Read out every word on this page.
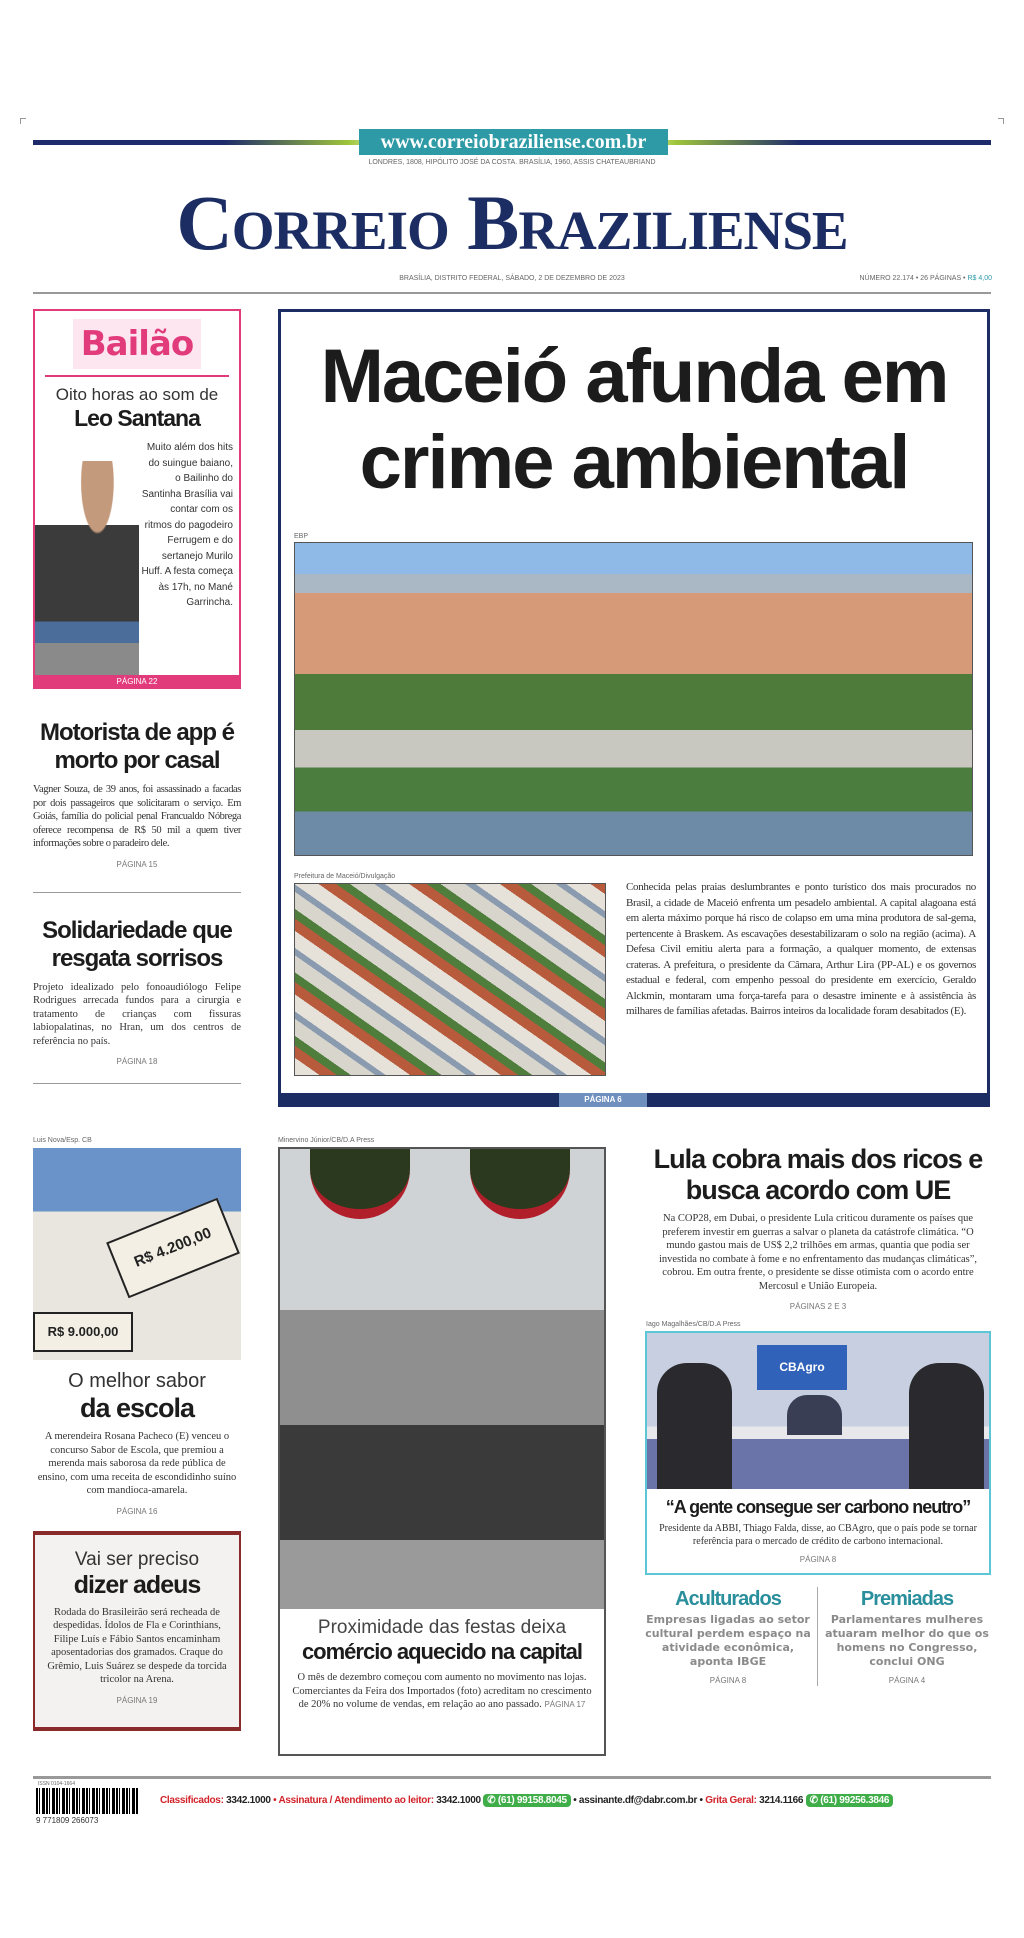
www.correiobraziliense.com.br
LONDRES, 1808, HIPÓLITO JOSÉ DA COSTA. BRASÍLIA, 1960, ASSIS CHATEAUBRIAND
Correio Braziliense
BRASÍLIA, DISTRITO FEDERAL, SÁBADO, 2 DE DEZEMBRO DE 2023	NÚMERO 22.174 • 26 PÁGINAS • R$ 4,00
Bailão
Oito horas ao som de
Leo Santana
Muito além dos hits do suingue baiano, o Bailinho do Santinha Brasília vai contar com os ritmos do pagodeiro Ferrugem e do sertanejo Murilo Huff. A festa começa às 17h, no Mané Garrincha.
PÁGINA 22
Motorista de app é morto por casal
Vagner Souza, de 39 anos, foi assassinado a facadas por dois passageiros que solicitaram o serviço. Em Goiás, família do policial penal Francualdo Nóbrega oferece recompensa de R$ 50 mil a quem tiver informações sobre o paradeiro dele.
PÁGINA 15
Solidariedade que resgata sorrisos
Projeto idealizado pelo fonoaudiólogo Felipe Rodrigues arrecada fundos para a cirurgia e tratamento de crianças com fissuras labiopalatinas, no Hran, um dos centros de referência no país.
PÁGINA 18
Maceió afunda em
crime ambiental
EBP
Prefeitura de Maceió/Divulgação
Conhecida pelas praias deslumbrantes e ponto turístico dos mais procurados no Brasil, a cidade de Maceió enfrenta um pesadelo ambiental. A capital alagoana está em alerta máximo porque há risco de colapso em uma mina produtora de sal-gema, pertencente à Braskem. As escavações desestabilizaram o solo na região (acima). A Defesa Civil emitiu alerta para a formação, a qualquer momento, de extensas crateras. A prefeitura, o presidente da Câmara, Arthur Lira (PP-AL) e os governos estadual e federal, com empenho pessoal do presidente em exercício, Geraldo Alckmin, montaram uma força-tarefa para o desastre iminente e à assistência às milhares de famílias afetadas. Bairros inteiros da localidade foram desabitados (E).
PÁGINA 6
Luis Nova/Esp. CB
R$ 4.200,00
R$ 9.000,00
O melhor sabor
da escola
A merendeira Rosana Pacheco (E) venceu o concurso Sabor de Escola, que premiou a merenda mais saborosa da rede pública de ensino, com uma receita de escondidinho suíno com mandioca-amarela.
PÁGINA 16
Vai ser preciso
dizer adeus
Rodada do Brasileirão será recheada de despedidas. Ídolos de Fla e Corinthians, Filipe Luís e Fábio Santos encaminham aposentadorias dos gramados. Craque do Grêmio, Luis Suárez se despede da torcida tricolor na Arena.
PÁGINA 19
Minervino Júnior/CB/D.A Press
Proximidade das festas deixa
comércio aquecido na capital
O mês de dezembro começou com aumento no movimento nas lojas. Comerciantes da Feira dos Importados (foto) acreditam no crescimento de 20% no volume de vendas, em relação ao ano passado. PÁGINA 17
Lula cobra mais dos ricos e busca acordo com UE
Na COP28, em Dubai, o presidente Lula criticou duramente os países que preferem investir em guerras a salvar o planeta da catástrofe climática. “O mundo gastou mais de US$ 2,2 trilhões em armas, quantia que podia ser investida no combate à fome e no enfrentamento das mudanças climáticas”, cobrou. Em outra frente, o presidente se disse otimista com o acordo entre Mercosul e União Europeia.
PÁGINAS 2 E 3
Iago Magalhães/CB/D.A Press
CBAgro
“A gente consegue ser carbono neutro”
Presidente da ABBI, Thiago Falda, disse, ao CBAgro, que o país pode se tornar referência para o mercado de crédito de carbono internacional.
PÁGINA 8
Aculturados
Empresas ligadas ao setor cultural perdem espaço na atividade econômica, aponta IBGE
PÁGINA 8
Premiadas
Parlamentares mulheres atuaram melhor do que os homens no Congresso, conclui ONG
PÁGINA 4
ISSN 0104-1664
9 771809 266073
Classificados: 3342.1000 • Assinatura / Atendimento ao leitor: 3342.1000 ✆ (61) 99158.8045 • assinante.df@dabr.com.br • Grita Geral: 3214.1166 ✆ (61) 99256.3846
